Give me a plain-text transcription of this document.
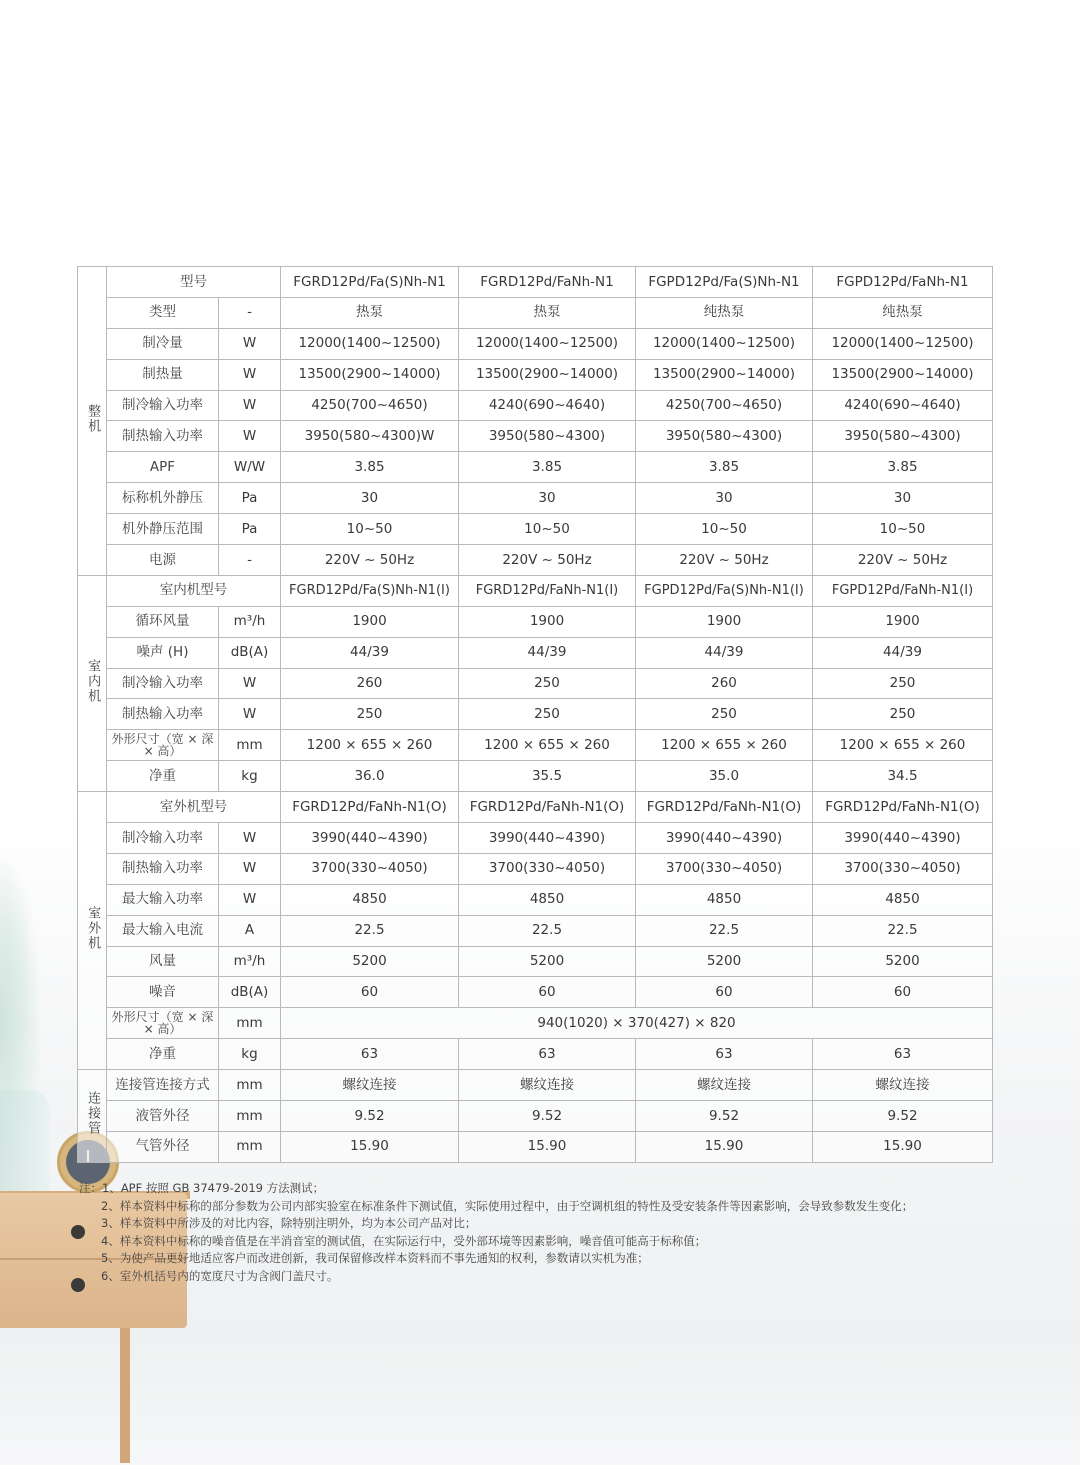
整机	型号		FGRD12Pd/Fa(S)Nh-N1	FGRD12Pd/FaNh-N1	FGPD12Pd/Fa(S)Nh-N1	FGPD12Pd/FaNh-N1
	类型	-	热泵	热泵	纯热泵	纯热泵
	制冷量	W	12000(1400~12500)	12000(1400~12500)	12000(1400~12500)	12000(1400~12500)
	制热量	W	13500(2900~14000)	13500(2900~14000)	13500(2900~14000)	13500(2900~14000)
	制冷输入功率	W	4250(700~4650)	4240(690~4640)	4250(700~4650)	4240(690~4640)
	制热输入功率	W	3950(580~4300)W	3950(580~4300)	3950(580~4300)	3950(580~4300)
	APF	W/W	3.85	3.85	3.85	3.85
	标称机外静压	Pa	30	30	30	30
	机外静压范围	Pa	10~50	10~50	10~50	10~50
	电源	-	220V ~ 50Hz	220V ~ 50Hz	220V ~ 50Hz	220V ~ 50Hz
室内机	室内机型号		FGRD12Pd/Fa(S)Nh-N1(I)	FGRD12Pd/FaNh-N1(I)	FGPD12Pd/Fa(S)Nh-N1(I)	FGPD12Pd/FaNh-N1(I)
	循环风量	m³/h	1900	1900	1900	1900
	噪声 (H)	dB(A)	44/39	44/39	44/39	44/39
	制冷输入功率	W	260	250	260	250
	制热输入功率	W	250	250	250	250
	外形尺寸（宽 × 深 × 高）	mm	1200 × 655 × 260	1200 × 655 × 260	1200 × 655 × 260	1200 × 655 × 260
	净重	kg	36.0	35.5	35.0	34.5
室外机	室外机型号		FGRD12Pd/FaNh-N1(O)	FGRD12Pd/FaNh-N1(O)	FGRD12Pd/FaNh-N1(O)	FGRD12Pd/FaNh-N1(O)
	制冷输入功率	W	3990(440~4390)	3990(440~4390)	3990(440~4390)	3990(440~4390)
	制热输入功率	W	3700(330~4050)	3700(330~4050)	3700(330~4050)	3700(330~4050)
	最大输入功率	W	4850	4850	4850	4850
	最大输入电流	A	22.5	22.5	22.5	22.5
	风量	m³/h	5200	5200	5200	5200
	噪音	dB(A)	60	60	60	60
	外形尺寸（宽 × 深 × 高）	mm	940(1020) × 370(427) × 820			
	净重	kg	63	63	63	63
连接管	连接管连接方式	mm	螺纹连接	螺纹连接	螺纹连接	螺纹连接
	液管外径	mm	9.52	9.52	9.52	9.52
	气管外径	mm	15.90	15.90	15.90	15.90
注：1、APF 按照 GB 37479-2019 方法测试；
2、样本资料中标称的部分参数为公司内部实验室在标准条件下测试值，实际使用过程中，由于空调机组的特性及受安装条件等因素影响，会导致参数发生变化；
3、样本资料中所涉及的对比内容，除特别注明外，均为本公司产品对比；
4、样本资料中标称的噪音值是在半消音室的测试值，在实际运行中，受外部环境等因素影响，噪音值可能高于标称值；
5、为使产品更好地适应客户而改进创新，我司保留修改样本资料而不事先通知的权利，参数请以实机为准；
6、室外机括号内的宽度尺寸为含阀门盖尺寸。
